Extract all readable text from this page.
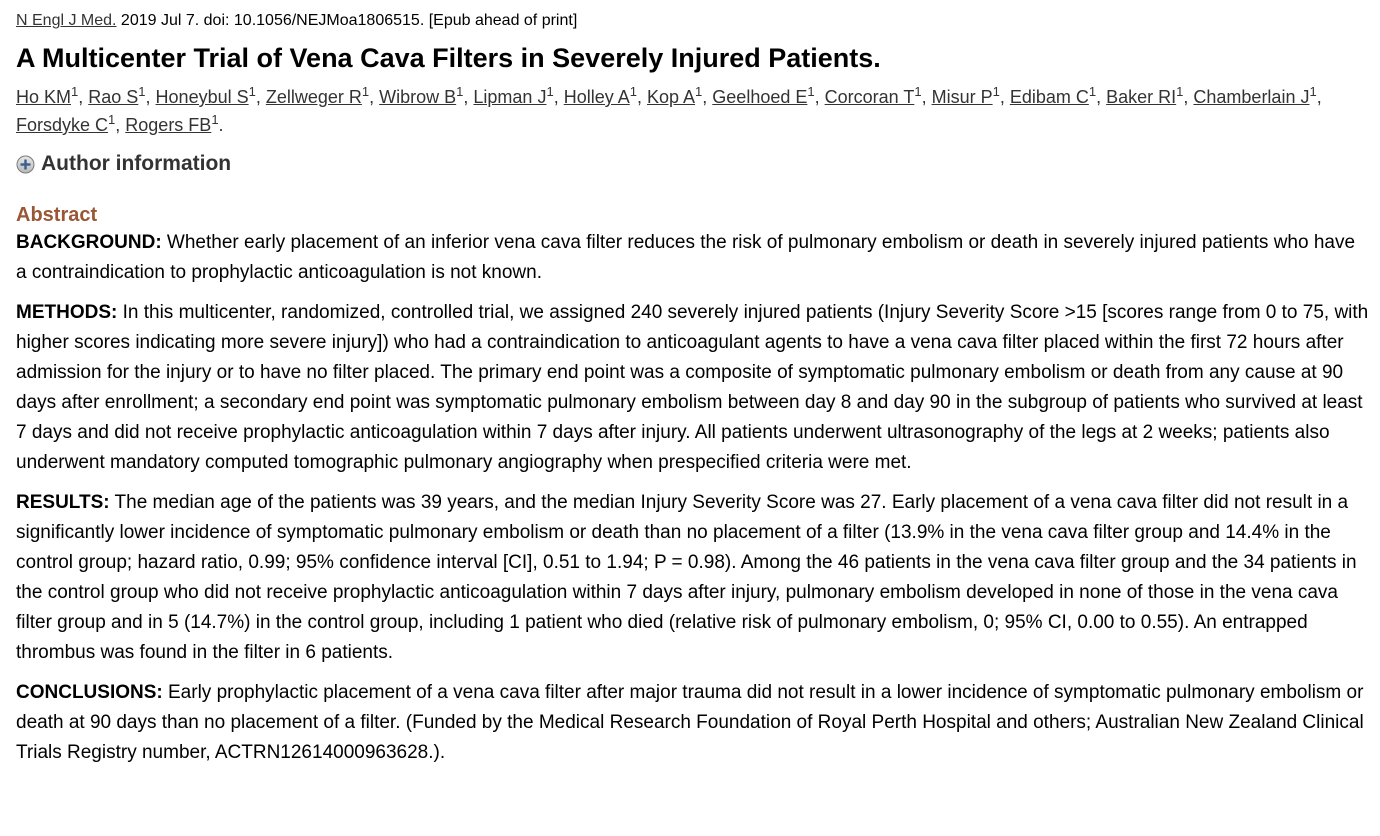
N Engl J Med. 2019 Jul 7. doi: 10.1056/NEJMoa1806515. [Epub ahead of print]

A Multicenter Trial of Vena Cava Filters in Severely Injured Patients.

Ho $KM^1$, Rao $S^1$, Honeybul $S^1$, Zellweger $R^1$, Wibrow $B^1$, Lipman $J^1$, Holley $A^1$, Kop $A^1$, Geelhoed $E^1$, Corcoran $T^1$, Misur $P^1$, Edibam $C^1$, Baker $RI^1$, Chamberlain $J^1$, Forsdyke $C^1$, Rogers $FB^1$.

Author information
Abstract

BACKGROUND: Whether early placement of an inferior vena cava filter reduces the risk of pulmonary embolism or death in severely injured patients who have a contraindication to prophylactic anticoagulation is not known.

METHODS: In this multicenter, randomized, controlled trial, we assigned 240 severely injured patients (Injury Severity Score >15 [scores range from 0 to 75, with higher scores indicating more severe injury]) who had a contraindication to anticoagulant agents to have a vena cava filter placed within the first 72 hours after admission for the injury or to have no filter placed. The primary end point was a composite of symptomatic pulmonary embolism or death from any cause at 90 days after enrollment; a secondary end point was symptomatic pulmonary embolism between day 8 and day 90 in the subgroup of patients who survived at least 7 days and did not receive prophylactic anticoagulation within 7 days after injury. All patients underwent ultrasonography of the legs at 2 weeks; patients also underwent mandatory computed tomographic pulmonary angiography when prespecified criteria were met.

RESULTS: The median age of the patients was 39 years, and the median Injury Severity Score was 27. Early placement of a vena cava filter did not result in a significantly lower incidence of symptomatic pulmonary embolism or death than no placement of a filter (13.9% in the vena cava filter group and 14.4% in the control group; hazard ratio, 0.99; 95% confidence interval [CI], 0.51 to 1.94; P = 0.98). Among the 46 patients in the vena cava filter group and the 34 patients in the control group who did not receive prophylactic anticoagulation within 7 days after injury, pulmonary embolism developed in none of those in the vena cava filter group and in 5 (14.7%) in the control group, including 1 patient who died (relative risk of pulmonary embolism, 0; 95% CI, 0.00 to 0.55). An entrapped thrombus was found in the filter in 6 patients.

CONCLUSIONS: Early prophylactic placement of a vena cava filter after major trauma did not result in a lower incidence of symptomatic pulmonary embolism or death at 90 days than no placement of a filter. (Funded by the Medical Research Foundation of Royal Perth Hospital and others; Australian New Zealand Clinical Trials Registry number, ACTRN12614000963628.).
